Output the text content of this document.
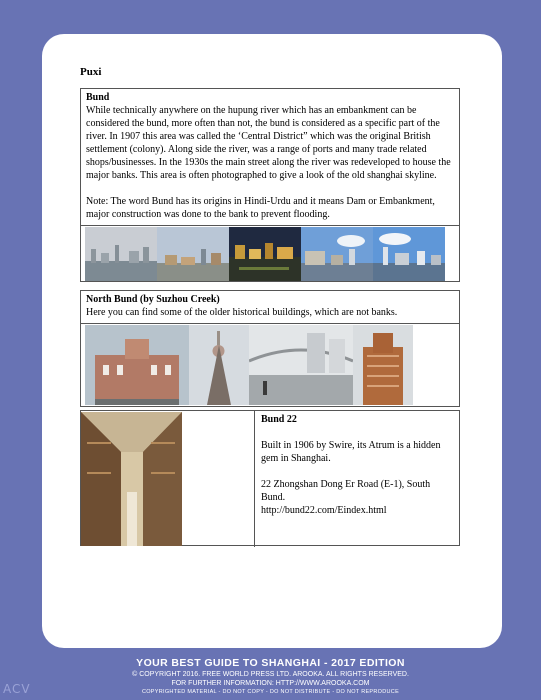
Puxi
Bund

While technically anywhere on the hupung river which has an embankment can be considered the bund, more often than not, the bund is considered as a specific part of the river. In 1907 this area was called the ‘Central District” which was the original British settlement (colony). Along side the river, was a range of ports and many trade related shops/businesses. In the 1930s the main street along the river was redeveloped to house the major banks. This area is often photographed to give a look of the old shanghai skyline.

Note: The word Bund has its origins in Hindi-Urdu and it means Dam or Embankment, major construction was done to the bank to prevent flooding.

North Bund (by Suzhou Creek)

Here you can find some of the older historical buildings, which are not banks.

Bund 22

Built in 1906 by Swire, its Atrum is a hidden gem in Shanghai.

22 Zhongshan Dong Er Road (E-1), South Bund.

http://bund22.com/Eindex.html

YOUR BEST GUIDE TO SHANGHAI - 2017 EDITION
© COPYRIGHT 2016. FREE WORLD PRESS LTD. AROOKA. ALL RIGHTS RESERVED.
FOR FURTHER INFORMATION: HTTP://WWW.AROOKA.COM
COPYRIGHTED MATERIAL - DO NOT COPY - DO NOT DISTRIBUTE - DO NOT REPRODUCE
ACV
